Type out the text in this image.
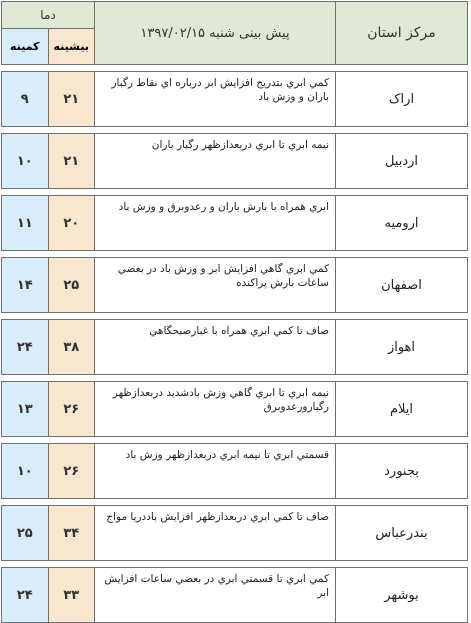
مرکز استان	پیش بینی شنبه ۱۳۹۷/۰۲/۱۵	دما	
		بیشینه	کمینه

اراک	کمي ابري بتدريج افزايش ابر درباره اي نقاط رگبار باران و وزش باد	۲۱	۹

اردبیل	نيمه ابري تا ابري دربعدازظهر رگبار باران	۲۱	۱۰

ارومیه	ابري همراه با بارش باران و رعدوبرق و وزش باد	۲۰	۱۱

اصفهان	کمي ابري گاهي افزايش ابر و وزش باد در بعضي ساعات بارش پراكنده	۲۵	۱۴

اهواز	صاف تا کمي ابري همراه با غبارصبحگاهي	۳۸	۲۴

ایلام	نيمه ابري تا ابري گاهي وزش بادشديد دربعدازظهر رگبارورعدوبرق	۲۶	۱۳

بجنورد	قسمتي ابري تا نيمه ابري دربعدازظهر وزش باد	۲۶	۱۰

بندرعباس	صاف تا کمي ابري دربعدازظهر افزايش باددريا مواج	۳۴	۲۵

بوشهر	کمي ابري تا قسمتي ابري در بعضي ساعات افزايش ابر	۳۳	۲۴
